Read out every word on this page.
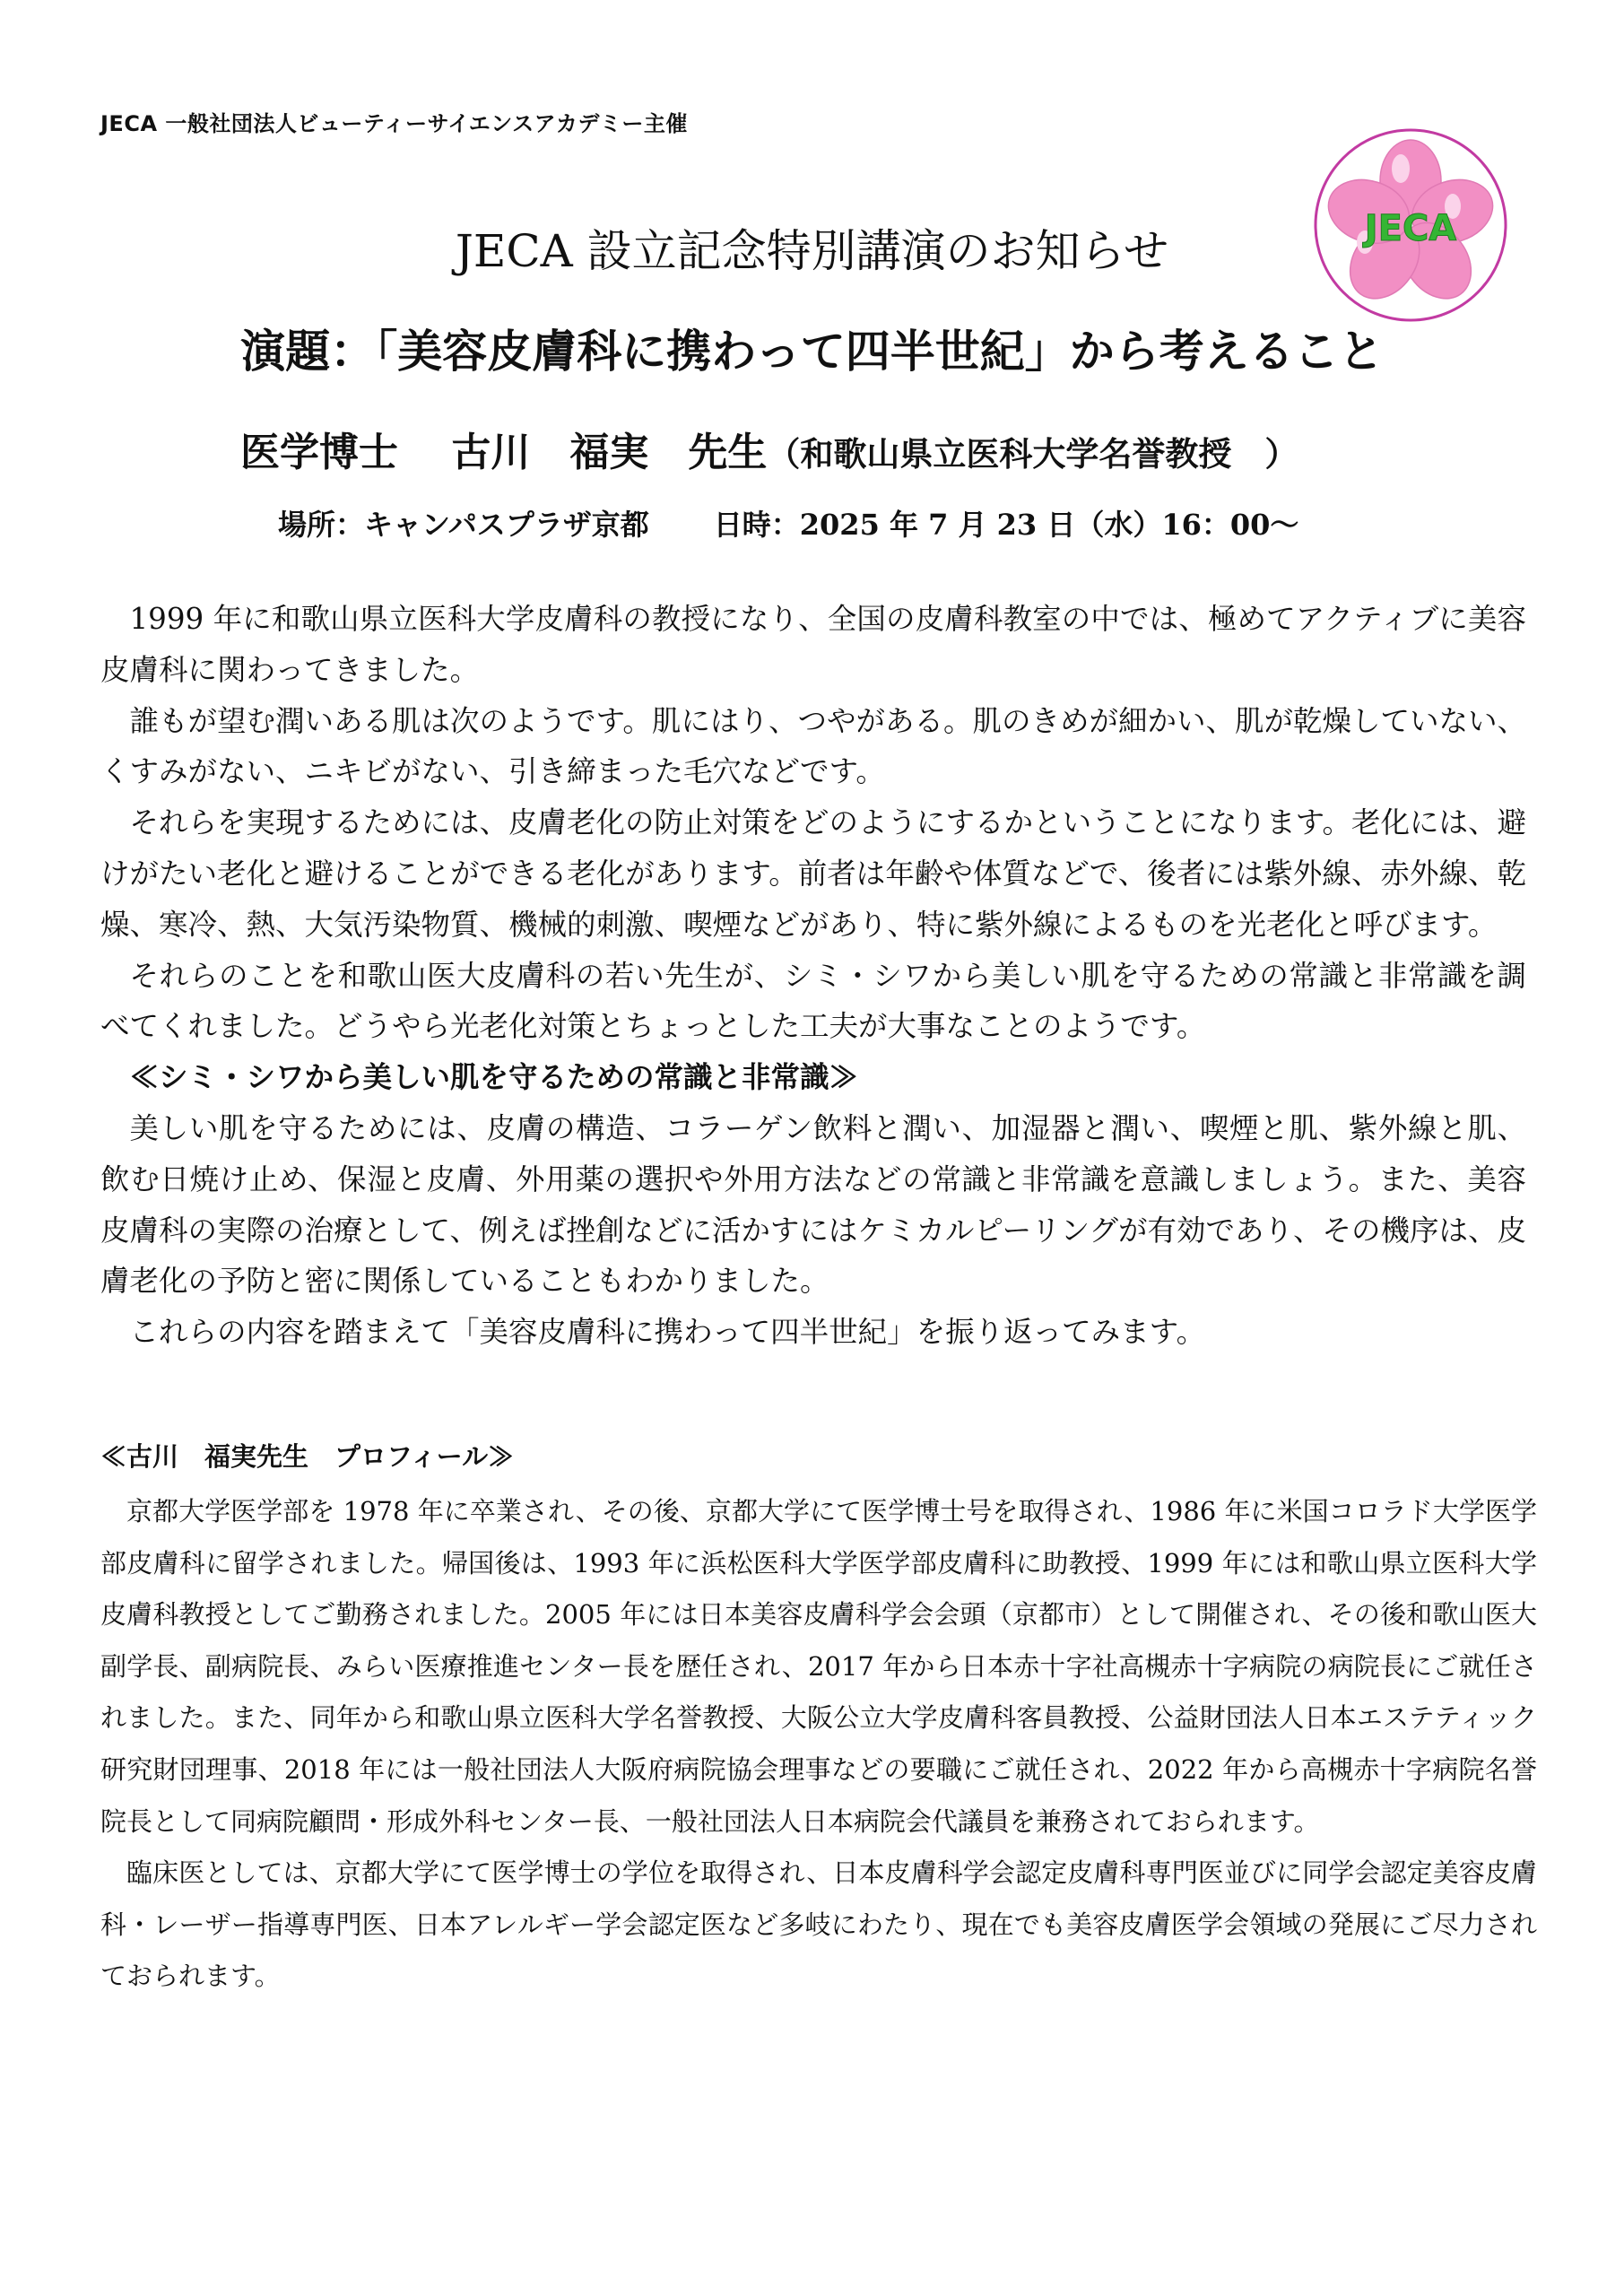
JECA 一般社団法人ビューティーサイエンスアカデミー主催
JECA
JECA 設立記念特別講演のお知らせ
演題：「美容皮膚科に携わって四半世紀」から考えること
医学博士　 古川　福実　先生（和歌山県立医科大学名誉教授　）
場所：キャンパスプラザ京都 日時：2025 年 7 月 23 日（水）16：00～

1999 年に和歌山県立医科大学皮膚科の教授になり、全国の皮膚科教室の中では、極めてアクティブに美容皮膚科に関わってきました。

誰もが望む潤いある肌は次のようです。肌にはり、つやがある。肌のきめが細かい、肌が乾燥していない、くすみがない、ニキビがない、引き締まった毛穴などです。

それらを実現するためには、皮膚老化の防止対策をどのようにするかということになります。老化には、避けがたい老化と避けることができる老化があります。前者は年齢や体質などで、後者には紫外線、赤外線、乾燥、寒冷、熱、大気汚染物質、機械的刺激、喫煙などがあり、特に紫外線によるものを光老化と呼びます。

それらのことを和歌山医大皮膚科の若い先生が、シミ・シワから美しい肌を守るための常識と非常識を調べてくれました。どうやら光老化対策とちょっとした工夫が大事なことのようです。

≪シミ・シワから美しい肌を守るための常識と非常識≫

美しい肌を守るためには、皮膚の構造、コラーゲン飲料と潤い、加湿器と潤い、喫煙と肌、紫外線と肌、飲む日焼け止め、保湿と皮膚、外用薬の選択や外用方法などの常識と非常識を意識しましょう。また、美容皮膚科の実際の治療として、例えば挫創などに活かすにはケミカルピーリングが有効であり、その機序は、皮膚老化の予防と密に関係していることもわかりました。

これらの内容を踏まえて「美容皮膚科に携わって四半世紀」を振り返ってみます。

≪古川　福実先生　プロフィール≫

京都大学医学部を 1978 年に卒業され、その後、京都大学にて医学博士号を取得され、1986 年に米国コロラド大学医学部皮膚科に留学されました。帰国後は、1993 年に浜松医科大学医学部皮膚科に助教授、1999 年には和歌山県立医科大学皮膚科教授としてご勤務されました。2005 年には日本美容皮膚科学会会頭（京都市）として開催され、その後和歌山医大副学長、副病院長、みらい医療推進センター長を歴任され、2017 年から日本赤十字社高槻赤十字病院の病院長にご就任されました。また、同年から和歌山県立医科大学名誉教授、大阪公立大学皮膚科客員教授、公益財団法人日本エステティック研究財団理事、2018 年には一般社団法人大阪府病院協会理事などの要職にご就任され、2022 年から高槻赤十字病院名誉院長として同病院顧問・形成外科センター長、一般社団法人日本病院会代議員を兼務されておられます。

臨床医としては、京都大学にて医学博士の学位を取得され、日本皮膚科学会認定皮膚科専門医並びに同学会認定美容皮膚科・レーザー指導専門医、日本アレルギー学会認定医など多岐にわたり、現在でも美容皮膚医学会領域の発展にご尽力されておられます。
